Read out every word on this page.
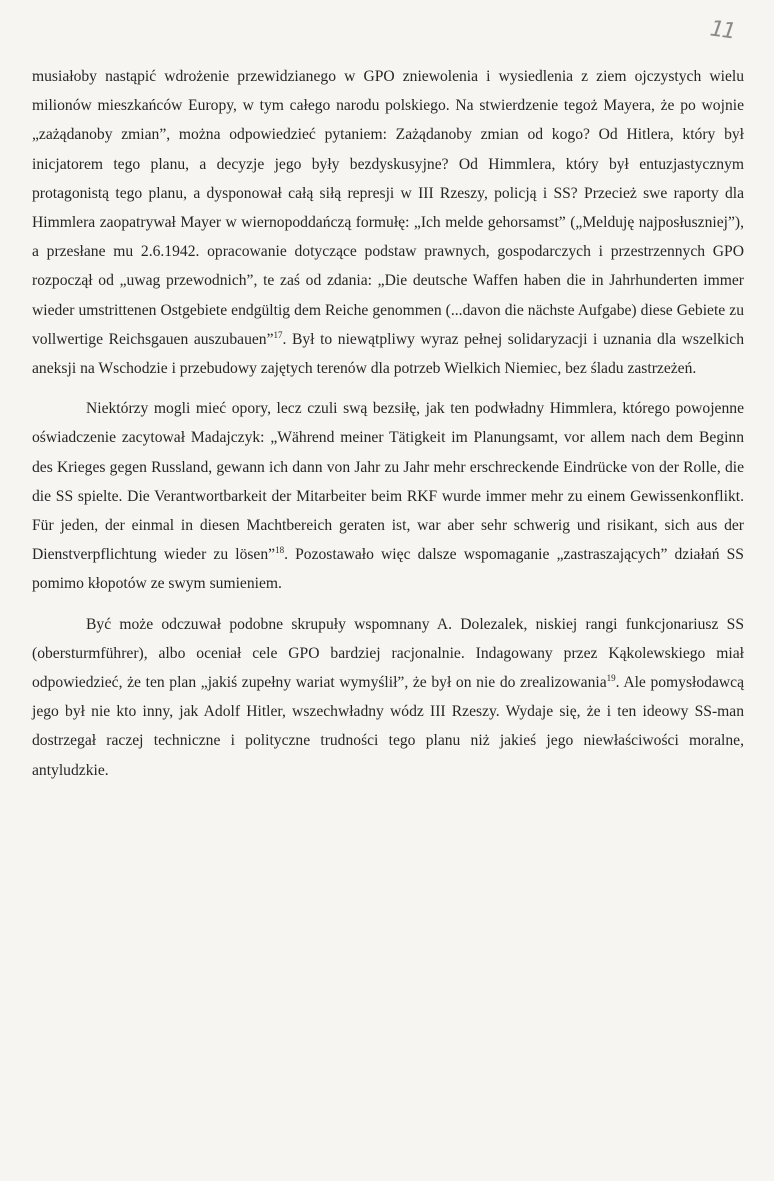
11

musiałoby nastąpić wdrożenie przewidzianego w GPO zniewolenia i wysiedlenia z ziem ojczystych wielu milionów mieszkańców Europy, w tym całego narodu polskiego. Na stwierdzenie tegoż Mayera, że po wojnie „zażądanoby zmian”, można odpowiedzieć pytaniem: Zażądanoby zmian od kogo? Od Hitlera, który był inicjatorem tego planu, a decyzje jego były bezdyskusyjne? Od Himmlera, który był entuzjastycznym protagonistą tego planu, a dysponował całą siłą represji w III Rzeszy, policją i SS? Przecież swe raporty dla Himmlera zaopatrywał Mayer w wiernopoddańczą formułę: „Ich melde gehorsamst” („Melduję najposłuszniej”), a przesłane mu 2.6.1942. opracowanie dotyczące podstaw prawnych, gospodarczych i przestrzennych GPO rozpoczął od „uwag przewodnich”, te zaś od zdania: „Die deutsche Waffen haben die in Jahrhunderten immer wieder umstrittenen Ostgebiete endgültig dem Reiche genommen (...davon die nächste Aufgabe) diese Gebiete zu vollwertige Reichsgauen auszubauen”$^{17}$. Był to niewątpliwy wyraz pełnej solidaryzacji i uznania dla wszelkich aneksji na Wschodzie i przebudowy zajętych terenów dla potrzeb Wielkich Niemiec, bez śladu zastrzeżeń.

Niektórzy mogli mieć opory, lecz czuli swą bezsiłę, jak ten podwładny Himmlera, którego powojenne oświadczenie zacytował Madajczyk: „Während meiner Tätigkeit im Planungsamt, vor allem nach dem Beginn des Krieges gegen Russland, gewann ich dann von Jahr zu Jahr mehr erschreckende Eindrücke von der Rolle, die die SS spielte. Die Verantwortbarkeit der Mitarbeiter beim RKF wurde immer mehr zu einem Gewissenkonflikt. Für jeden, der einmal in diesen Machtbereich geraten ist, war aber sehr schwerig und risikant, sich aus der Dienstverpflichtung wieder zu lösen”$^{18}$. Pozostawało więc dalsze wspomaganie „zastraszających” działań SS pomimo kłopotów ze swym sumieniem.

Być może odczuwał podobne skrupuły wspomnany A. Dolezalek, niskiej rangi funkcjonariusz SS (obersturmführer), albo oceniał cele GPO bardziej racjonalnie. Indagowany przez Kąkolewskiego miał odpowiedzieć, że ten plan „jakiś zupełny wariat wymyślił”, że był on nie do zrealizowania$^{19}$. Ale pomysłodawcą jego był nie kto inny, jak Adolf Hitler, wszechwładny wódz III Rzeszy. Wydaje się, że i ten ideowy SS-man dostrzegał raczej techniczne i polityczne trudności tego planu niż jakieś jego niewłaściwości moralne, antyludzkie.
